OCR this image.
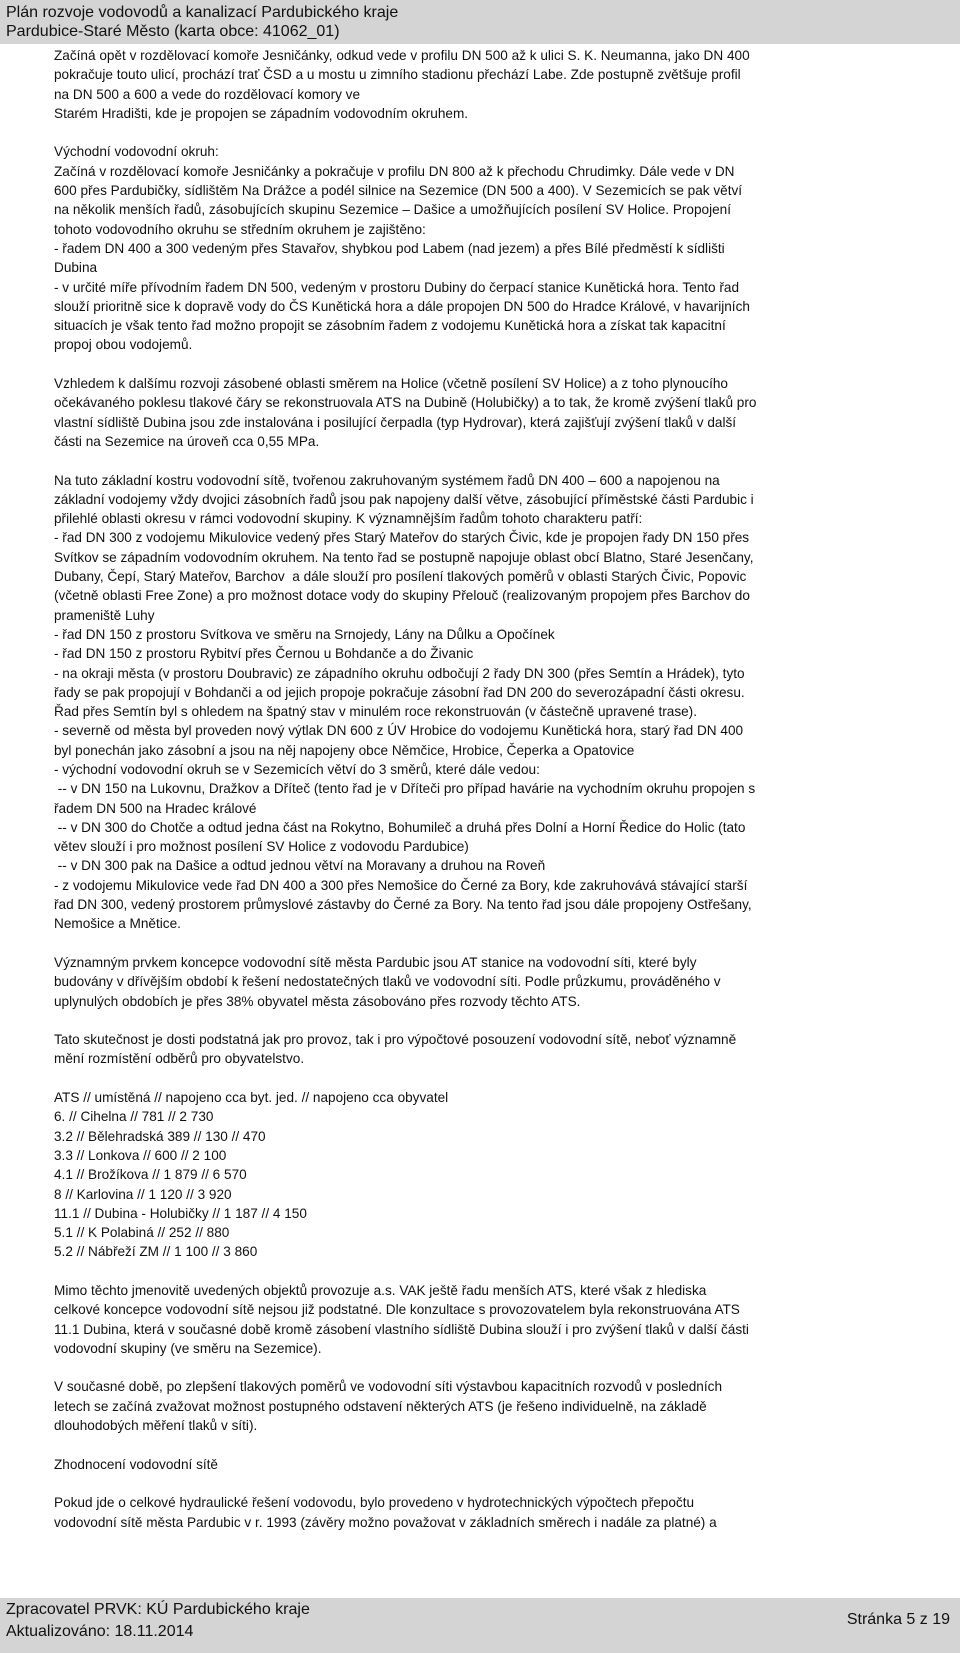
Plán rozvoje vodovodů a kanalizací Pardubického kraje
Pardubice-Staré Město (karta obce: 41062_01)

Začíná opět v rozdělovací komoře Jesničánky, odkud vede v profilu DN 500 až k ulici S. K. Neumanna, jako DN 400
pokračuje touto ulicí, prochází trať ČSD a u mostu u zimního stadionu přechází Labe. Zde postupně zvětšuje profil
na DN 500 a 600 a vede do rozdělovací komory ve
Starém Hradišti, kde je propojen se západním vodovodním okruhem.

Východní vodovodní okruh:
Začíná v rozdělovací komoře Jesničánky a pokračuje v profilu DN 800 až k přechodu Chrudimky. Dále vede v DN
600 přes Pardubičky, sídlištěm Na Drážce a podél silnice na Sezemice (DN 500 a 400). V Sezemicích se pak větví
na několik menších řadů, zásobujících skupinu Sezemice – Dašice a umožňujících posílení SV Holice. Propojení
tohoto vodovodního okruhu se středním okruhem je zajištěno:
- řadem DN 400 a 300 vedeným přes Stavařov, shybkou pod Labem (nad jezem) a přes Bílé předměstí k sídlišti
Dubina
- v určité míře přívodním řadem DN 500, vedeným v prostoru Dubiny do čerpací stanice Kunětická hora. Tento řad
slouží prioritně sice k dopravě vody do ČS Kunětická hora a dále propojen DN 500 do Hradce Králové, v havarijních
situacích je však tento řad možno propojit se zásobním řadem z vodojemu Kunětická hora a získat tak kapacitní
propoj obou vodojemů.

Vzhledem k dalšímu rozvoji zásobené oblasti směrem na Holice (včetně posílení SV Holice) a z toho plynoucího
očekávaného poklesu tlakové čáry se rekonstruovala ATS na Dubině (Holubičky) a to tak, že kromě zvýšení tlaků pro
vlastní sídliště Dubina jsou zde instalována i posilující čerpadla (typ Hydrovar), která zajišťují zvýšení tlaků v další
části na Sezemice na úroveň cca 0,55 MPa.

Na tuto základní kostru vodovodní sítě, tvořenou zakruhovaným systémem řadů DN 400 – 600 a napojenou na
základní vodojemy vždy dvojici zásobních řadů jsou pak napojeny další větve, zásobující příměstské části Pardubic i
přilehlé oblasti okresu v rámci vodovodní skupiny. K významnějším řadům tohoto charakteru patří:
- řad DN 300 z vodojemu Mikulovice vedený přes Starý Mateřov do starých Čivic, kde je propojen řady DN 150 přes
Svítkov se západním vodovodním okruhem. Na tento řad se postupně napojuje oblast obcí Blatno, Staré Jesenčany,
Dubany, Čepí, Starý Mateřov, Barchov  a dále slouží pro posílení tlakových poměrů v oblasti Starých Čivic, Popovic
(včetně oblasti Free Zone) a pro možnost dotace vody do skupiny Přelouč (realizovaným propojem přes Barchov do
prameniště Luhy
- řad DN 150 z prostoru Svítkova ve směru na Srnojedy, Lány na Důlku a Opočínek
- řad DN 150 z prostoru Rybitví přes Černou u Bohdanče a do Živanic
- na okraji města (v prostoru Doubravic) ze západního okruhu odbočují 2 řady DN 300 (přes Semtín a Hrádek), tyto
řady se pak propojují v Bohdanči a od jejich propoje pokračuje zásobní řad DN 200 do severozápadní části okresu.
Řad přes Semtín byl s ohledem na špatný stav v minulém roce rekonstruován (v částečně upravené trase).
- severně od města byl proveden nový výtlak DN 600 z ÚV Hrobice do vodojemu Kunětická hora, starý řad DN 400
byl ponechán jako zásobní a jsou na něj napojeny obce Němčice, Hrobice, Čeperka a Opatovice
- východní vodovodní okruh se v Sezemicích větví do 3 směrů, které dále vedou:
-- v DN 150 na Lukovnu, Dražkov a Dříteč (tento řad je v Dříteči pro případ havárie na vychodním okruhu propojen s
řadem DN 500 na Hradec králové
-- v DN 300 do Chotče a odtud jedna část na Rokytno, Bohumileč a druhá přes Dolní a Horní Ředice do Holic (tato
větev slouží i pro možnost posílení SV Holice z vodovodu Pardubice)
-- v DN 300 pak na Dašice a odtud jednou větví na Moravany a druhou na Roveň
- z vodojemu Mikulovice vede řad DN 400 a 300 přes Nemošice do Černé za Bory, kde zakruhovává stávající starší
řad DN 300, vedený prostorem průmyslové zástavby do Černé za Bory. Na tento řad jsou dále propojeny Ostřešany,
Nemošice a Mnětice.

Významným prvkem koncepce vodovodní sítě města Pardubic jsou AT stanice na vodovodní síti, které byly
budovány v dřívějším období k řešení nedostatečných tlaků ve vodovodní síti. Podle průzkumu, prováděného v
uplynulých obdobích je přes 38% obyvatel města zásobováno přes rozvody těchto ATS.

Tato skutečnost je dosti podstatná jak pro provoz, tak i pro výpočtové posouzení vodovodní sítě, neboť významně
mění rozmístění odběrů pro obyvatelstvo.

ATS // umístěná // napojeno cca byt. jed. // napojeno cca obyvatel
6. // Cihelna // 781 // 2 730
3.2 // Bělehradská 389 // 130 // 470
3.3 // Lonkova // 600 // 2 100
4.1 // Brožíkova // 1 879 // 6 570
8 // Karlovina // 1 120 // 3 920
11.1 // Dubina - Holubičky // 1 187 // 4 150
5.1 // K Polabiná // 252 // 880
5.2 // Nábřeží ZM // 1 100 // 3 860

Mimo těchto jmenovitě uvedených objektů provozuje a.s. VAK ještě řadu menších ATS, které však z hlediska
celkové koncepce vodovodní sítě nejsou již podstatné. Dle konzultace s provozovatelem byla rekonstruována ATS
11.1 Dubina, která v současné době kromě zásobení vlastního sídliště Dubina slouží i pro zvýšení tlaků v další části
vodovodní skupiny (ve směru na Sezemice).

V současné době, po zlepšení tlakových poměrů ve vodovodní síti výstavbou kapacitních rozvodů v posledních
letech se začíná zvažovat možnost postupného odstavení některých ATS (je řešeno individuelně, na základě
dlouhodobých měření tlaků v síti).

Zhodnocení vodovodní sítě

Pokud jde o celkové hydraulické řešení vodovodu, bylo provedeno v hydrotechnických výpočtech přepočtu
vodovodní sítě města Pardubic v r. 1993 (závěry možno považovat v základních směrech i nadále za platné) a

Zpracovatel PRVK: KÚ Pardubického kraje
Aktualizováno: 18.11.2014
Stránka 5 z 19
